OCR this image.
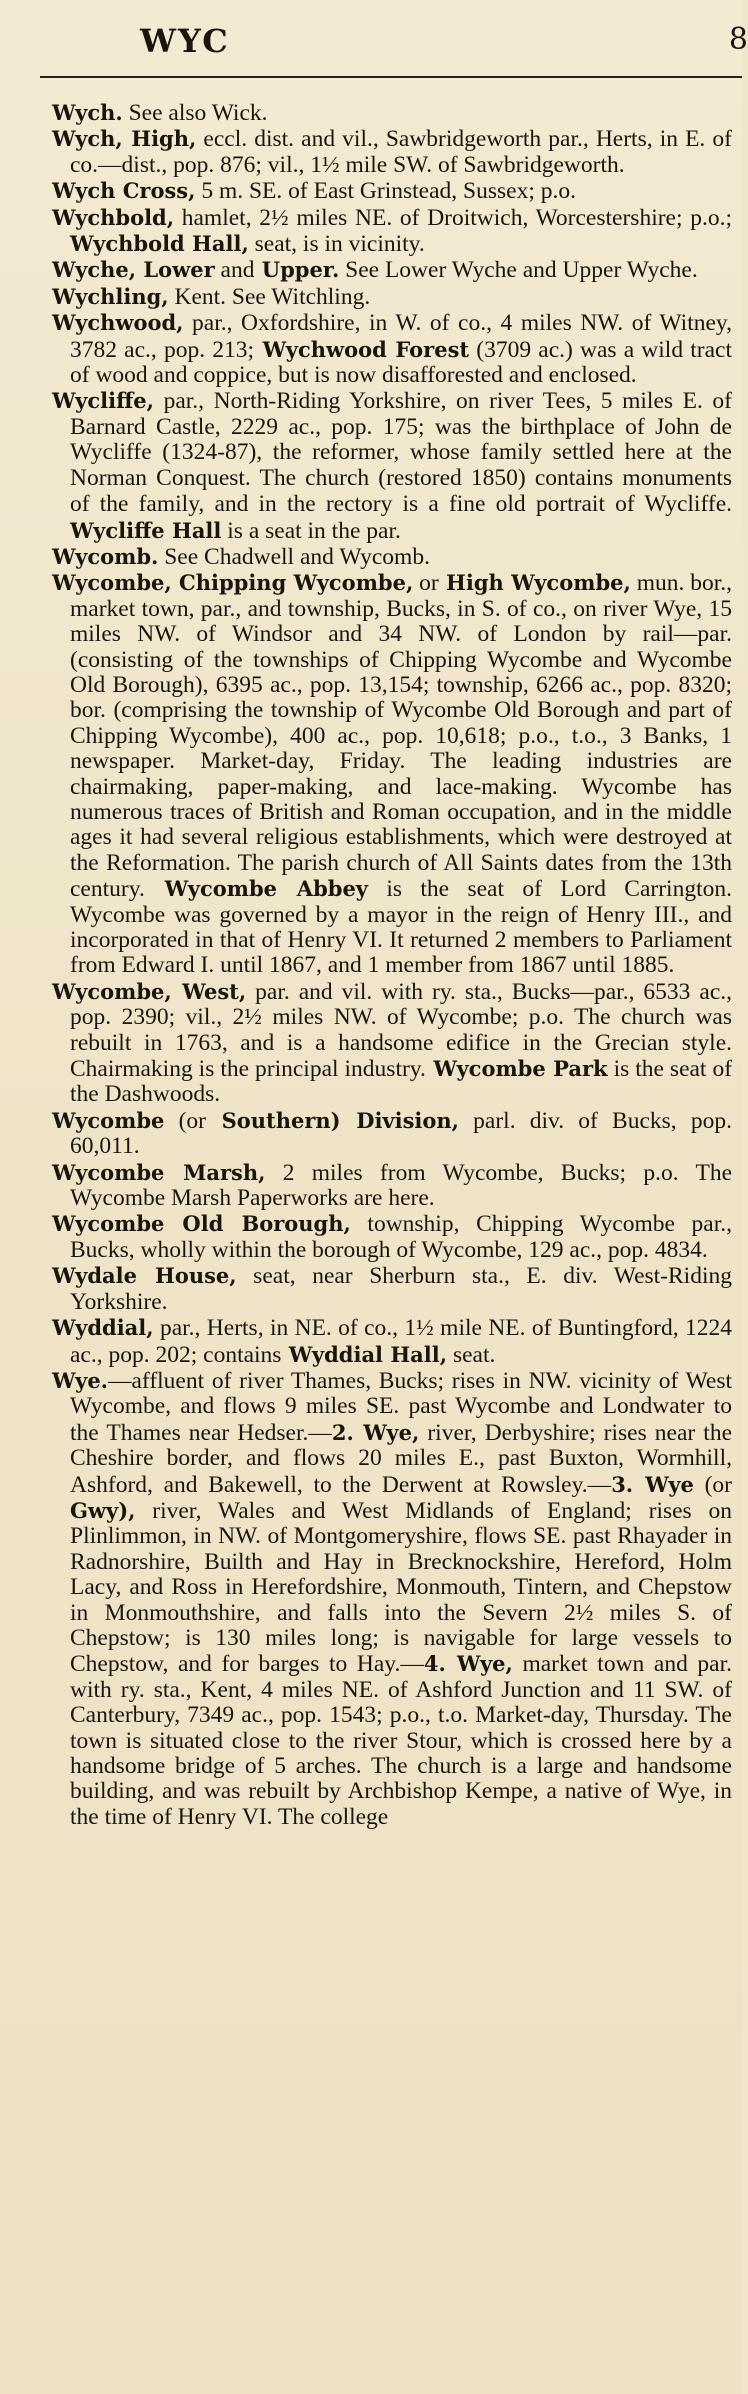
WYC	8

Wych. See also Wick.

Wych, High, eccl. dist. and vil., Sawbridgeworth par., Herts, in E. of co.—dist., pop. 876; vil., 1½ mile SW. of Sawbridgeworth.

Wych Cross, 5 m. SE. of East Grinstead, Sussex; p.o.

Wychbold, hamlet, 2½ miles NE. of Droitwich, Worcestershire; p.o.; Wychbold Hall, seat, is in vicinity.

Wyche, Lower and Upper. See Lower Wyche and Upper Wyche.

Wychling, Kent. See Witchling.

Wychwood, par., Oxfordshire, in W. of co., 4 miles NW. of Witney, 3782 ac., pop. 213; Wychwood Forest (3709 ac.) was a wild tract of wood and coppice, but is now disafforested and enclosed.

Wycliffe, par., North-Riding Yorkshire, on river Tees, 5 miles E. of Barnard Castle, 2229 ac., pop. 175; was the birthplace of John de Wycliffe (1324-87), the reformer, whose family settled here at the Norman Conquest. The church (restored 1850) contains monuments of the family, and in the rectory is a fine old portrait of Wycliffe. Wycliffe Hall is a seat in the par.

Wycomb. See Chadwell and Wycomb.

Wycombe, Chipping Wycombe, or High Wycombe, mun. bor., market town, par., and township, Bucks, in S. of co., on river Wye, 15 miles NW. of Windsor and 34 NW. of London by rail—par. (consisting of the townships of Chipping Wycombe and Wycombe Old Borough), 6395 ac., pop. 13,154; township, 6266 ac., pop. 8320; bor. (comprising the township of Wycombe Old Borough and part of Chipping Wycombe), 400 ac., pop. 10,618; p.o., t.o., 3 Banks, 1 newspaper. Market-day, Friday. The leading industries are chairmaking, paper-making, and lace-making. Wycombe has numerous traces of British and Roman occupation, and in the middle ages it had several religious establishments, which were destroyed at the Reformation. The parish church of All Saints dates from the 13th century. Wycombe Abbey is the seat of Lord Carrington. Wycombe was governed by a mayor in the reign of Henry III., and incorporated in that of Henry VI. It returned 2 members to Parliament from Edward I. until 1867, and 1 member from 1867 until 1885.

Wycombe, West, par. and vil. with ry. sta., Bucks—par., 6533 ac., pop. 2390; vil., 2½ miles NW. of Wycombe; p.o. The church was rebuilt in 1763, and is a handsome edifice in the Grecian style. Chairmaking is the principal industry. Wycombe Park is the seat of the Dashwoods.

Wycombe (or Southern) Division, parl. div. of Bucks, pop. 60,011.

Wycombe Marsh, 2 miles from Wycombe, Bucks; p.o. The Wycombe Marsh Paperworks are here.

Wycombe Old Borough, township, Chipping Wycombe par., Bucks, wholly within the borough of Wycombe, 129 ac., pop. 4834.

Wydale House, seat, near Sherburn sta., E. div. West-Riding Yorkshire.

Wyddial, par., Herts, in NE. of co., 1½ mile NE. of Buntingford, 1224 ac., pop. 202; contains Wyddial Hall, seat.

Wye.—affluent of river Thames, Bucks; rises in NW. vicinity of West Wycombe, and flows 9 miles SE. past Wycombe and Londwater to the Thames near Hedser.—2. Wye, river, Derbyshire; rises near the Cheshire border, and flows 20 miles E., past Buxton, Wormhill, Ashford, and Bakewell, to the Derwent at Rowsley.—3. Wye (or Gwy), river, Wales and West Midlands of England; rises on Plinlimmon, in NW. of Montgomeryshire, flows SE. past Rhayader in Radnorshire, Builth and Hay in Brecknockshire, Hereford, Holm Lacy, and Ross in Herefordshire, Monmouth, Tintern, and Chepstow in Monmouthshire, and falls into the Severn 2½ miles S. of Chepstow; is 130 miles long; is navigable for large vessels to Chepstow, and for barges to Hay.—4. Wye, market town and par. with ry. sta., Kent, 4 miles NE. of Ashford Junction and 11 SW. of Canterbury, 7349 ac., pop. 1543; p.o., t.o. Market-day, Thursday. The town is situated close to the river Stour, which is crossed here by a handsome bridge of 5 arches. The church is a large and handsome building, and was rebuilt by Archbishop Kempe, a native of Wye, in the time of Henry VI. The college
